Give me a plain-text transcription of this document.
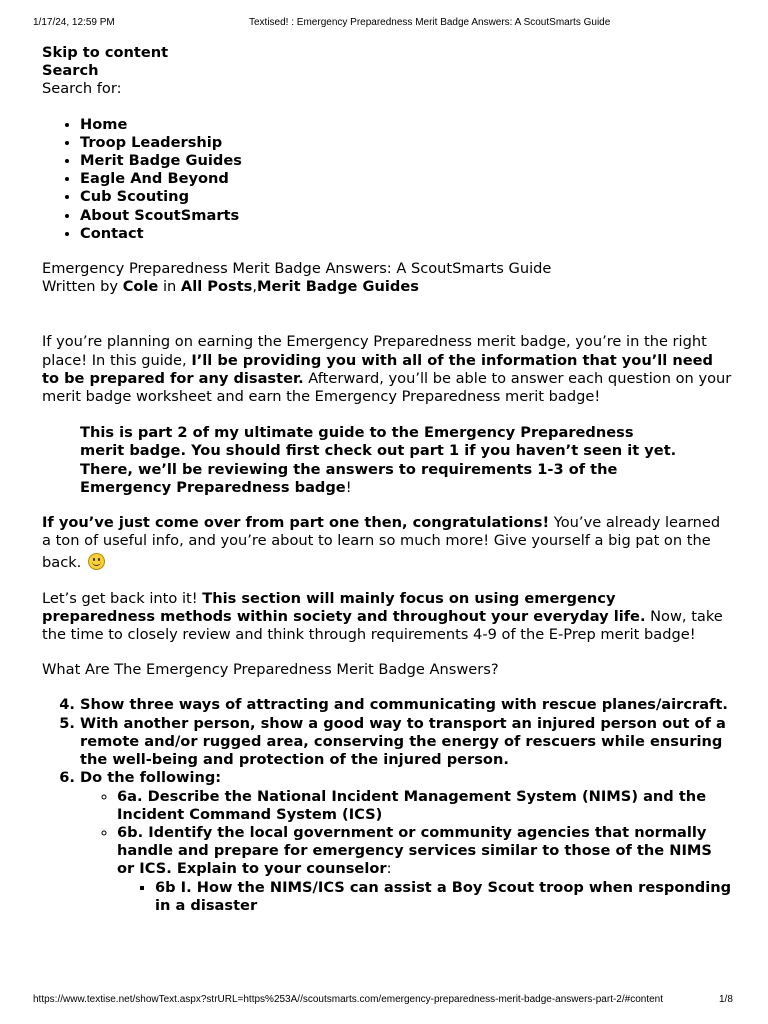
1/17/24, 12:59 PM	Textised! : Emergency Preparedness Merit Badge Answers: A ScoutSmarts Guide
Skip to content
Search
Search for:
• Home
• Troop Leadership
• Merit Badge Guides
• Eagle And Beyond
• Cub Scouting
• About ScoutSmarts
• Contact
Emergency Preparedness Merit Badge Answers: A ScoutSmarts Guide
Written by Cole in All Posts,Merit Badge Guides

If you’re planning on earning the Emergency Preparedness merit badge, you’re in the right place! In this guide, I’ll be providing you with all of the information that you’ll need to be prepared for any disaster. Afterward, you’ll be able to answer each question on your merit badge worksheet and earn the Emergency Preparedness merit badge!

This is part 2 of my ultimate guide to the Emergency Preparedness merit badge. You should first check out part 1 if you haven’t seen it yet. There, we’ll be reviewing the answers to requirements 1-3 of the Emergency Preparedness badge!

If you’ve just come over from part one then, congratulations! You’ve already learned a ton of useful info, and you’re about to learn so much more! Give yourself a big pat on the back.

Let’s get back into it! This section will mainly focus on using emergency preparedness methods within society and throughout your everyday life. Now, take the time to closely review and think through requirements 4-9 of the E-Prep merit badge!

What Are The Emergency Preparedness Merit Badge Answers?
4. Show three ways of attracting and communicating with rescue planes/aircraft.
5. With another person, show a good way to transport an injured person out of a remote and/or rugged area, conserving the energy of rescuers while ensuring the well-being and protection of the injured person.
6. Do the following:
◦ 6a. Describe the National Incident Management System (NIMS) and the Incident Command System (ICS)
◦ 6b. Identify the local government or community agencies that normally handle and prepare for emergency services similar to those of the NIMS or ICS. Explain to your counselor:
▪ 6b I. How the NIMS/ICS can assist a Boy Scout troop when responding in a disaster
https://www.textise.net/showText.aspx?strURL=https%253A//scoutsmarts.com/emergency-preparedness-merit-badge-answers-part-2/#content	1/8
